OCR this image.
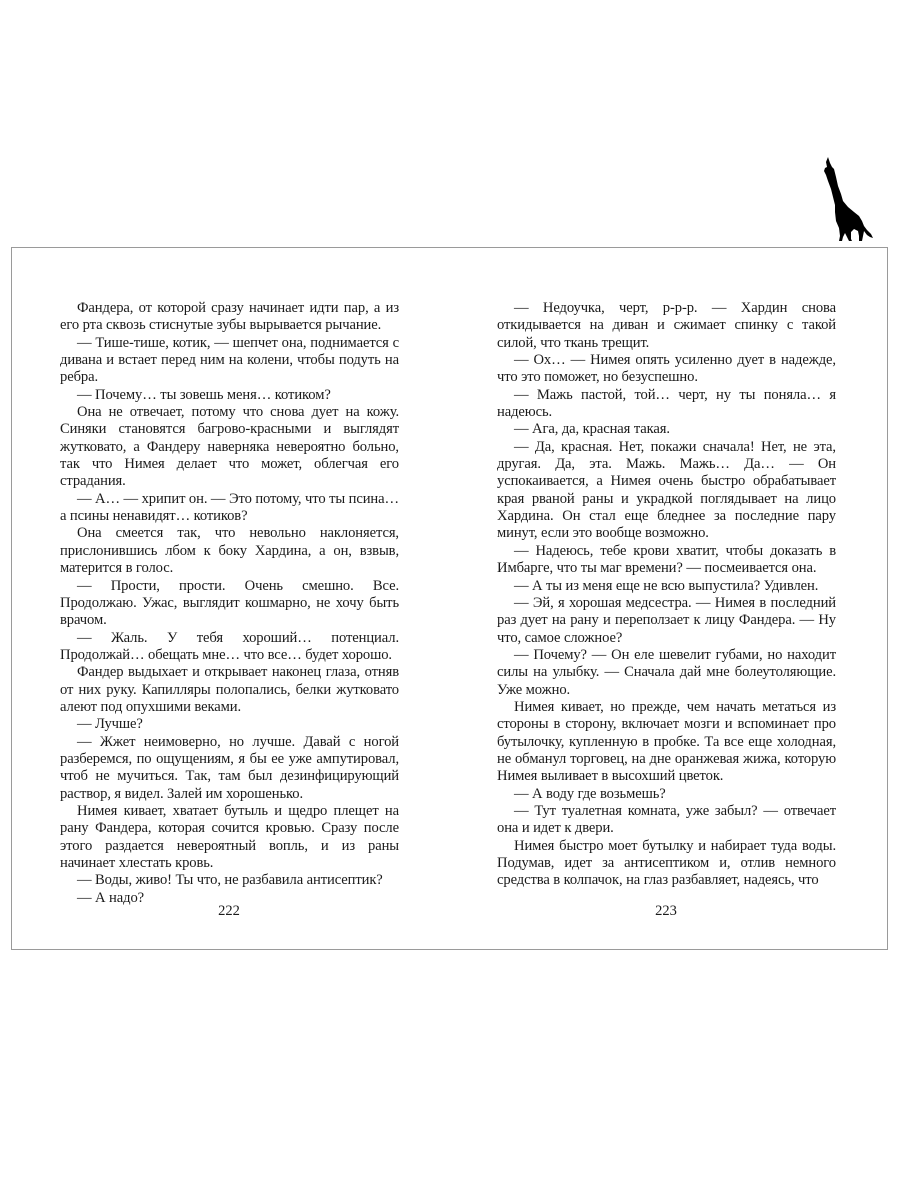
Фандера, от которой сразу начинает идти пар, а из его рта сквозь стиснутые зубы вырывается рычание.

— Тише-тише, котик, — шепчет она, поднимается с дивана и встает перед ним на колени, чтобы подуть на ребра.

— Почему… ты зовешь меня… котиком?

Она не отвечает, потому что снова дует на кожу. Синяки становятся багрово-красными и выглядят жутковато, а Фандеру наверняка невероятно больно, так что Нимея делает что может, облегчая его страдания.

— А… — хрипит он. — Это потому, что ты псина… а псины ненавидят… котиков?

Она смеется так, что невольно наклоняется, прислонившись лбом к боку Хардина, а он, взвыв, матерится в голос.

— Прости, прости. Очень смешно. Все. Продолжаю. Ужас, выглядит кошмарно, не хочу быть врачом.

— Жаль. У тебя хороший… потенциал. Продолжай… обещать мне… что все… будет хорошо.

Фандер выдыхает и открывает наконец глаза, отняв от них руку. Капилляры полопались, белки жутковато алеют под опухшими веками.

— Лучше?

— Жжет неимоверно, но лучше. Давай с ногой разберемся, по ощущениям, я бы ее уже ампутировал, чтоб не мучиться. Так, там был дезинфицирующий раствор, я видел. Залей им хорошенько.

Нимея кивает, хватает бутыль и щедро плещет на рану Фандера, которая сочится кровью. Сразу после этого раздается невероятный вопль, и из раны начинает хлестать кровь.

— Воды, живо! Ты что, не разбавила антисептик?

— А надо?

222

— Недоучка, черт, р-р-р. — Хардин снова откидывается на диван и сжимает спинку с такой силой, что ткань трещит.

— Ох… — Нимея опять усиленно дует в надежде, что это поможет, но безуспешно.

— Мажь пастой, той… черт, ну ты поняла… я надеюсь.

— Ага, да, красная такая.

— Да, красная. Нет, покажи сначала! Нет, не эта, другая. Да, эта. Мажь. Мажь… Да… — Он успокаивается, а Нимея очень быстро обрабатывает края рваной раны и украдкой поглядывает на лицо Хардина. Он стал еще бледнее за последние пару минут, если это вообще возможно.

— Надеюсь, тебе крови хватит, чтобы доказать в Имбарге, что ты маг времени? — посмеивается она.

— А ты из меня еще не всю выпустила? Удивлен.

— Эй, я хорошая медсестра. — Нимея в последний раз дует на рану и переползает к лицу Фандера. — Ну что, самое сложное?

— Почему? — Он еле шевелит губами, но находит силы на улыбку. — Сначала дай мне болеутоляющие. Уже можно.

Нимея кивает, но прежде, чем начать метаться из стороны в сторону, включает мозги и вспоминает про бутылочку, купленную в пробке. Та все еще холодная, не обманул торговец, на дне оранжевая жижа, которую Нимея выливает в высохший цветок.

— А воду где возьмешь?

— Тут туалетная комната, уже забыл? — отвечает она и идет к двери.

Нимея быстро моет бутылку и набирает туда воды. Подумав, идет за антисептиком и, отлив немного средства в колпачок, на глаз разбавляет, надеясь, что

223
